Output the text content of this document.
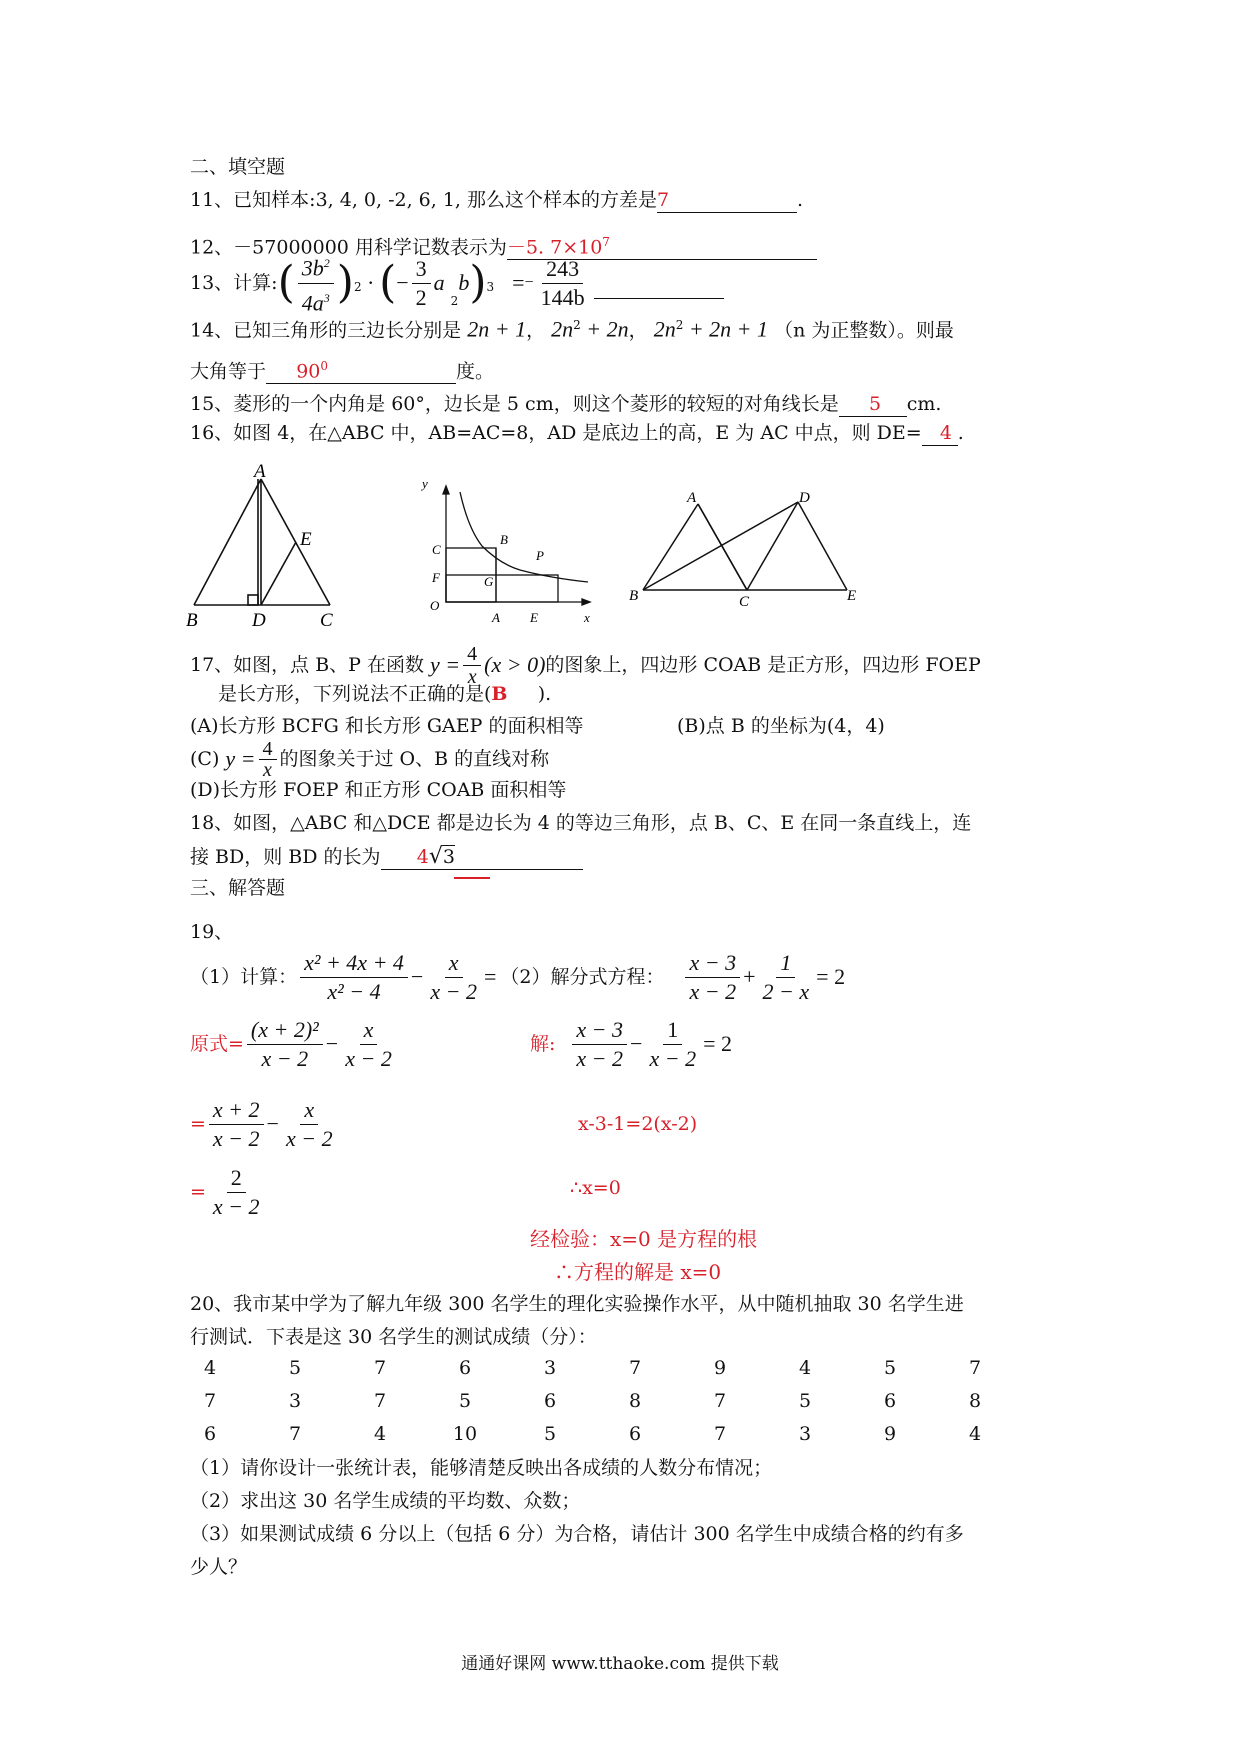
二、填空题
11、已知样本:3, 4, 0, -2, 6, 1, 那么这个样本的方差是7	.
12、－57000000 用科学记数表示为－5. $7\times 10^7$
13、计算: ( $\frac{3b^2}{4a^3} )_2$ · ( − $\frac{3}{2}$ a
$_2$
b )$_3$ = − $\frac{243}{144b}$
14、已知三角形的三边长分别是 2n + 1， $2n^2 + 2n$， $2n^2 + 2n + 1$ （n 为正整数）。则最
大角等于 $90^0$	度。
15、菱形的一个内角是 60°，边长是 5 cm，则这个菱形的较短的对角线长是 5 cm.
16、如图 4，在△ABC 中，AB=AC=8，AD 是底边上的高，E 为 AC 中点，则 DE= 4 .
A
B	D	C
E
y
x
O
C
F
B
P
G
A E
A
B	C
D
E
17、如图，点 B、P 在函数 $y = \frac{4}{x} (x > 0)$ 的图象上，四边形 COAB 是正方形，四边形 FOEP
是长方形，下列说法不正确的是(B ).
(A)长方形 BCFG 和长方形 GAEP 的面积相等	(B)点 B 的坐标为(4，4)
(C) $y = \frac{4}{x}$ 的图象关于过 O、B 的直线对称
(D)长方形 FOEP 和正方形 COAB 面积相等
18、如图，△ABC 和△DCE 都是边长为 4 的等边三角形，点 B、C、E 在同一条直线上，连
接 BD，则 BD 的长为 4√3
三、解答题
19、
（1）计算： $\frac{\text{x² + 4x + 4}}{\text{x² − 4}} - \frac{x}{x - 2} = (2)$解分式方程： $\frac{x - 3}{x - 2} + \frac{1}{2 - x} = 2$
原式= $\frac{\text{(x + 2)²}}{x - 2} - \frac{x}{x - 2}$
= $\frac{x + 2}{x - 2} - \frac{x}{x - 2}$
= $\frac{2}{x - 2}$
解: $\frac{x - 3}{x - 2} - \frac{1}{x - 2} = 2$
x-3-1=2(x-2)
∴x=0
经检验：x=0 是方程的根
∴方程的解是 x=0
20、我市某中学为了解九年级 300 名学生的理化实验操作水平，从中随机抽取 30 名学生进
行测试．下表是这 30 名学生的测试成绩（分）：
4	5	7	6	3	7	9	4	5	7
7	3	7	5	6	8	7	5	6	8
6	7	4	10	5	6	7	3	9	4
（1）请你设计一张统计表，能够清楚反映出各成绩的人数分布情况；
（2）求出这 30 名学生成绩的平均数、众数；
（3）如果测试成绩 6 分以上（包括 6 分）为合格，请估计 300 名学生中成绩合格的约有多
少人？
通通好课网 www.tthaoke.com 提供下载
